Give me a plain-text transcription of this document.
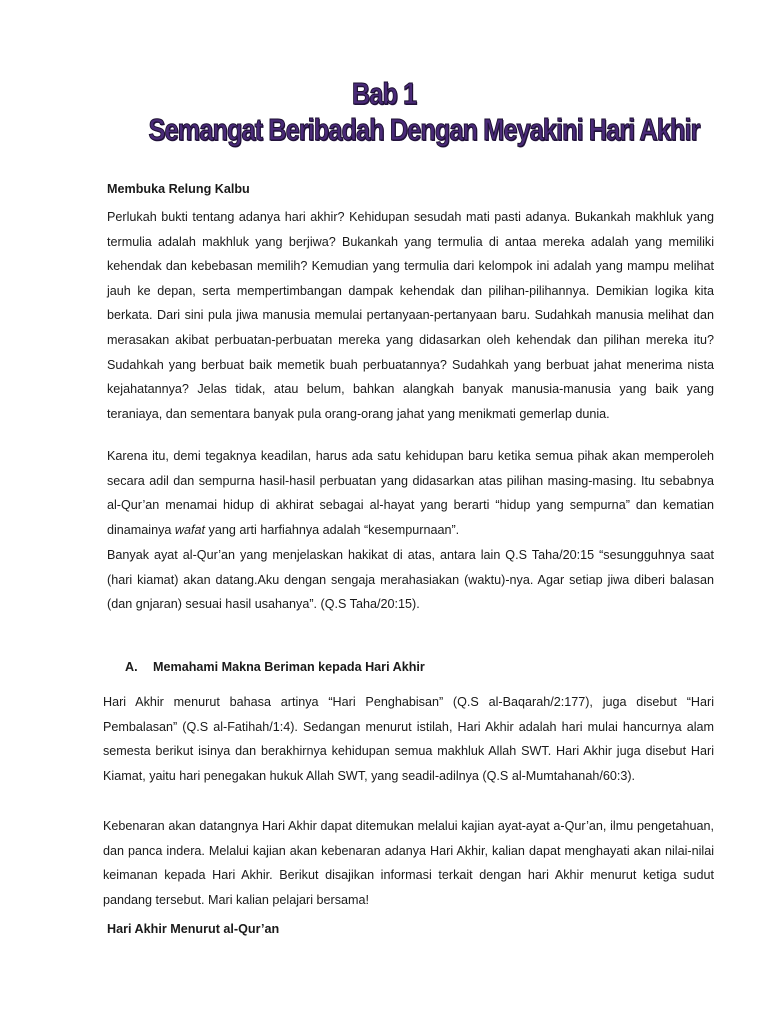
Bab 1
Semangat Beribadah Dengan Meyakini Hari Akhir
Membuka Relung Kalbu
Perlukah bukti tentang adanya hari akhir? Kehidupan sesudah mati pasti adanya. Bukankah makhluk yang termulia adalah makhluk yang berjiwa? Bukankah yang termulia di antaa mereka adalah yang memiliki kehendak dan kebebasan memilih? Kemudian yang termulia dari kelompok ini adalah yang mampu melihat jauh ke depan, serta mempertimbangan dampak kehendak dan pilihan-pilihannya. Demikian logika kita berkata. Dari sini pula jiwa manusia memulai pertanyaan-pertanyaan baru. Sudahkah manusia melihat dan merasakan akibat perbuatan-perbuatan mereka yang didasarkan oleh kehendak dan pilihan mereka itu? Sudahkah yang berbuat baik memetik buah perbuatannya? Sudahkah yang berbuat jahat menerima nista kejahatannya? Jelas tidak, atau belum, bahkan alangkah banyak manusia-manusia yang baik yang teraniaya, dan sementara banyak pula orang-orang jahat yang menikmati gemerlap dunia.
Karena itu, demi tegaknya keadilan, harus ada satu kehidupan baru ketika semua pihak akan memperoleh secara adil dan sempurna hasil-hasil perbuatan yang didasarkan atas pilihan masing-masing. Itu sebabnya al-Qur’an menamai hidup di akhirat sebagai al-hayat yang berarti “hidup yang sempurna” dan kematian dinamainya wafat yang arti harfiahnya adalah “kesempurnaan”.
Banyak ayat al-Qur’an yang menjelaskan hakikat di atas, antara lain Q.S Taha/20:15 “sesungguhnya saat (hari kiamat) akan datang.Aku dengan sengaja merahasiakan (waktu)-nya. Agar setiap jiwa diberi balasan (dan gnjaran) sesuai hasil usahanya”. (Q.S Taha/20:15).
A. Memahami Makna Beriman kepada Hari Akhir
Hari Akhir menurut bahasa artinya “Hari Penghabisan” (Q.S al-Baqarah/2:177), juga disebut “Hari Pembalasan” (Q.S al-Fatihah/1:4). Sedangan menurut istilah, Hari Akhir adalah hari mulai hancurnya alam semesta berikut isinya dan berakhirnya kehidupan semua makhluk Allah SWT. Hari Akhir juga disebut Hari Kiamat, yaitu hari penegakan hukuk Allah SWT, yang seadil-adilnya (Q.S al-Mumtahanah/60:3).
Kebenaran akan datangnya Hari Akhir dapat ditemukan melalui kajian ayat-ayat a-Qur’an, ilmu pengetahuan, dan panca indera. Melalui kajian akan kebenaran adanya Hari Akhir, kalian dapat menghayati akan nilai-nilai keimanan kepada Hari Akhir. Berikut disajikan informasi terkait dengan hari Akhir menurut ketiga sudut pandang tersebut. Mari kalian pelajari bersama!
Hari Akhir Menurut al-Qur’an
